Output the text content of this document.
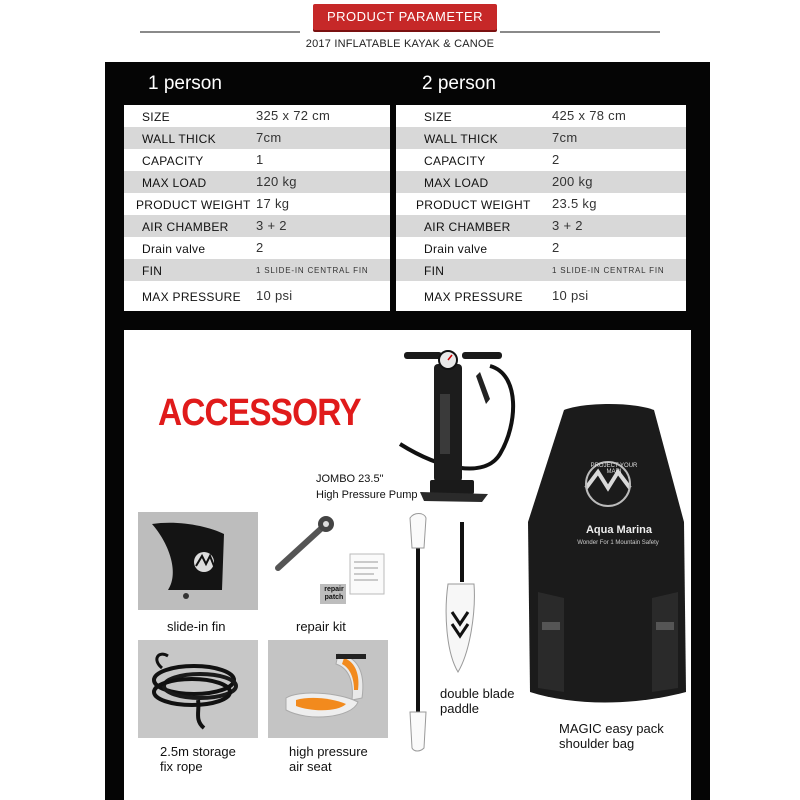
PRODUCT PARAMETER
2017 INFLATABLE KAYAK & CANOE
1 person	2 person
SIZE	325 x 72 cm
WALL THICK	7cm
CAPACITY	1
MAX LOAD	120 kg
PRODUCT WEIGHT 17 kg
AIR CHAMBER 3 + 2
Drain valve	2
FIN	1 SLIDE-IN CENTRAL FIN
MAX PRESSURE 10 psi
SIZE	425 x 78 cm
WALL THICK	7cm
CAPACITY	2
MAX LOAD	200 kg
PRODUCT WEIGHT 23.5 kg
AIR CHAMBER	3 + 2
Drain valve	2
FIN	1 SLIDE-IN CENTRAL FIN
MAX PRESSURE 10 psi
ACCESSORY
JOMBO 23.5"
High Pressure Pump
slide-in fin
repair patch
repair kit
2.5m storage
fix rope
high pressure
air seat
double blade
paddle
PROJECT YOUR MARI
Aqua Marina
Wonder For 1 Mountain Safety
MAGIC easy pack
shoulder bag
